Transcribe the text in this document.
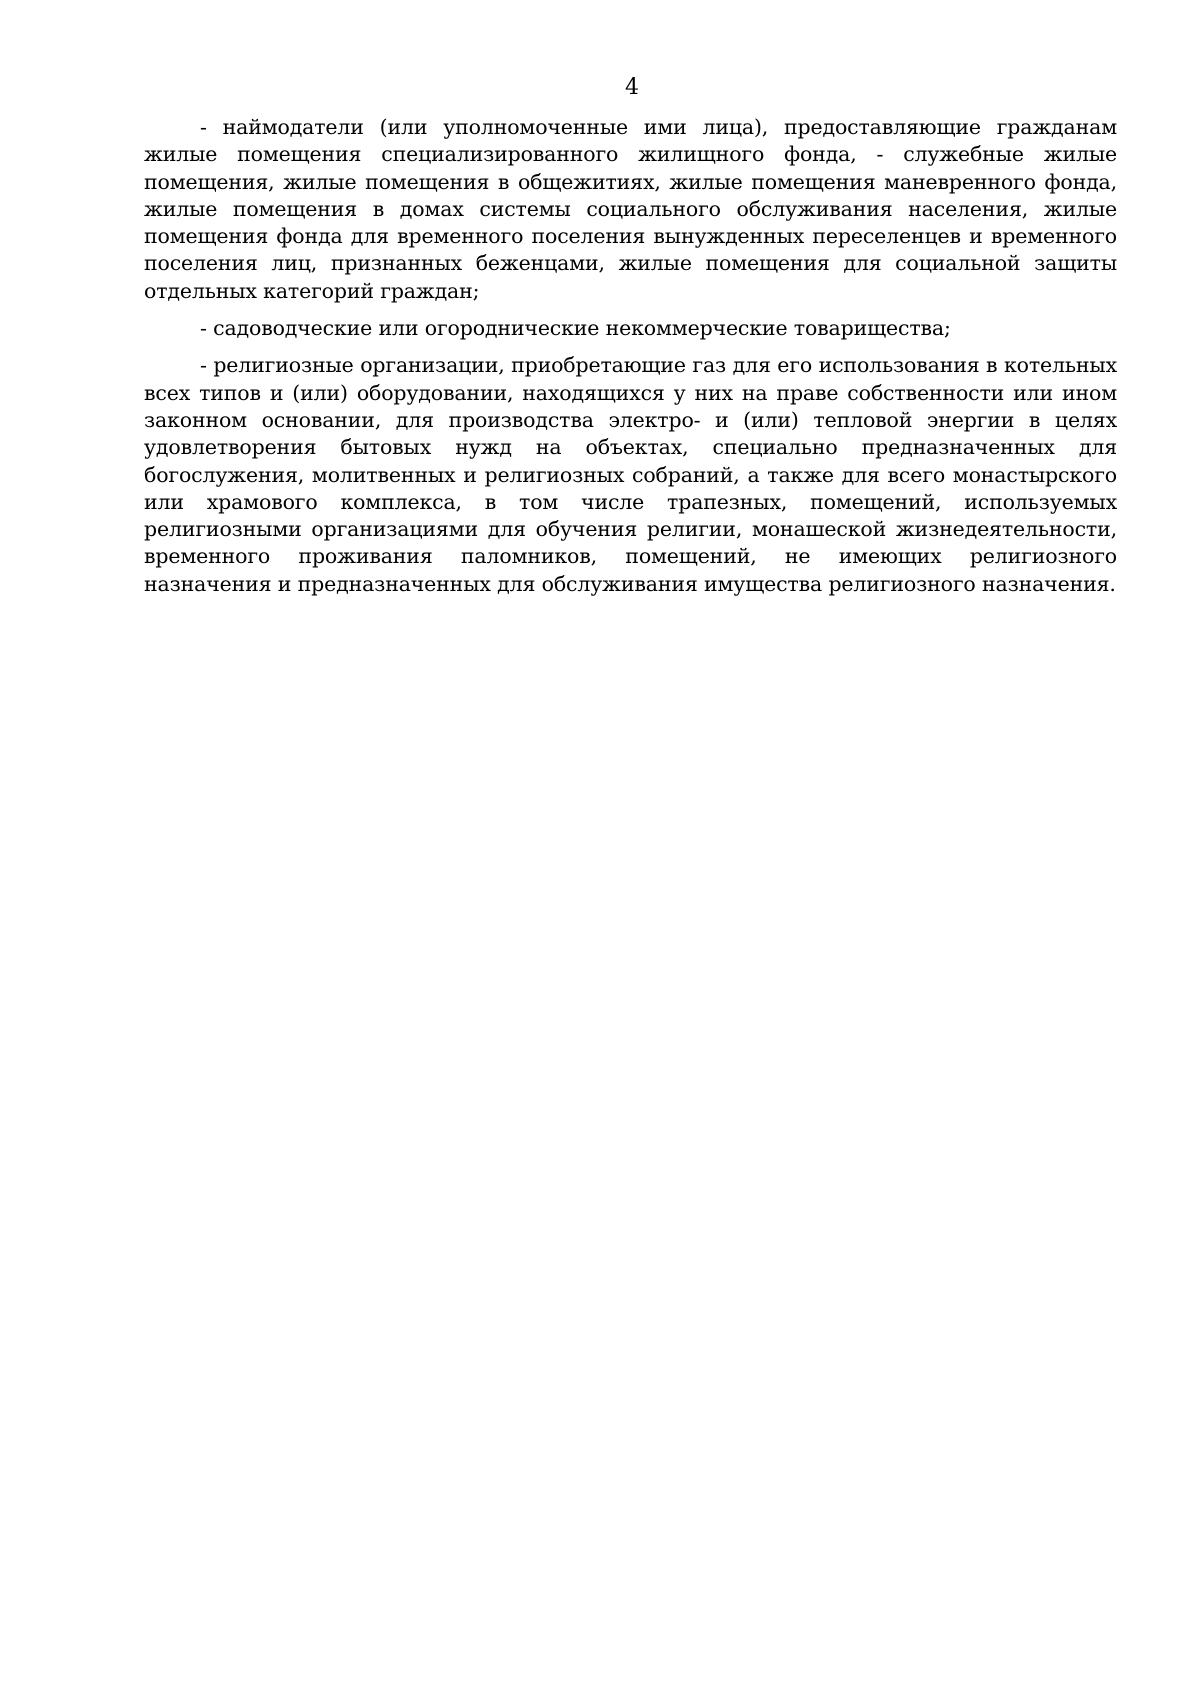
4

- наймодатели (или уполномоченные ими лица), предоставляющие гражданам жилые помещения специализированного жилищного фонда, - служебные жилые помещения, жилые помещения в общежитиях, жилые помещения маневренного фонда, жилые помещения в домах системы социального обслуживания населения, жилые помещения фонда для временного поселения вынужденных переселенцев и временного поселения лиц, признанных беженцами, жилые помещения для социальной защиты отдельных категорий граждан;

- садоводческие или огороднические некоммерческие товарищества;

- религиозные организации, приобретающие газ для его использования в котельных всех типов и (или) оборудовании, находящихся у них на праве собственности или ином законном основании, для производства электро- и (или) тепловой энергии в целях удовлетворения бытовых нужд на объектах, специально предназначенных для богослужения, молитвенных и религиозных собраний, а также для всего монастырского или храмового комплекса, в том числе трапезных, помещений, используемых религиозными организациями для обучения религии, монашеской жизнедеятельности, временного проживания паломников, помещений, не имеющих религиозного назначения и предназначенных для обслуживания имущества религиозного назначения.
